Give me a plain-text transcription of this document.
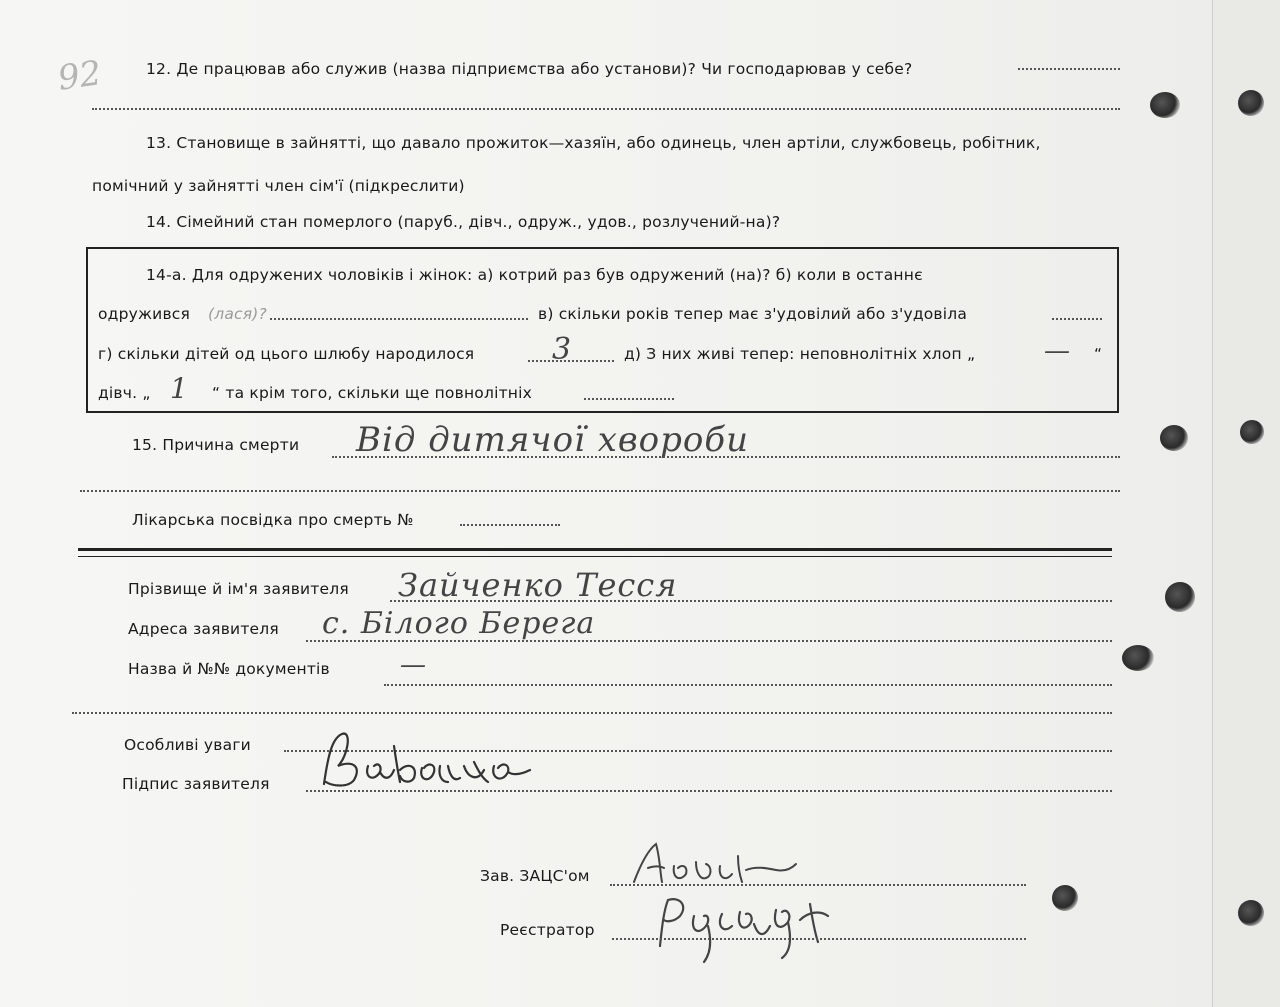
92	12. Де працював або служив (назва підприємства або установи)? Чи господарював у себе?
13. Становище в зайнятті, що давало прожиток—хазяїн, або одинець, член артіли, службовець, робітник,
помічний у зайнятті член сім'ї (підкреслити)
14. Сімейний стан померлого (паруб., дівч., одруж., удов., розлучений-на)?
14-а. Для одружених чоловіків і жінок: а) котрий раз був одружений (на)? б) коли в останнє
одружився (лася)?	в) скільки років тепер має з'удовілий або з'удовіла
г) скільки дітей од цього шлюбу народилося	3	д) З них живі тепер: неповнолітніх хлоп „	— “
дівч. „ 1 “ та крім того, скільки ще повнолітніх
15. Причина смерти Від дитячої хвороби
Лікарська посвідка про смерть №
Прізвище й ім'я заявителя Зайченко Тесся
Адреса заявителя с. Білого Берега
Назва й №№ документів	—
Особливі уваги
Підпис заявителя
Зав. ЗАЦС'ом
Реєстратор
